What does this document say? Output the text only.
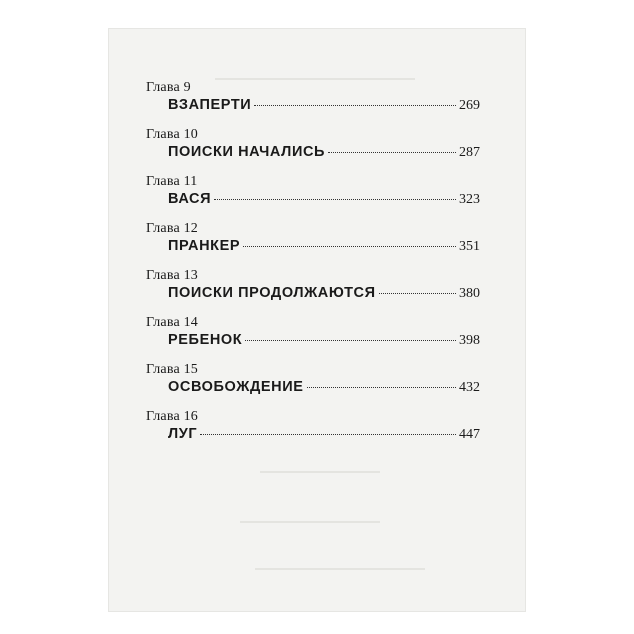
Глава 9
ВЗАПЕРТИ	269
Глава 10
ПОИСКИ НАЧАЛИСЬ	287
Глава 11
ВАСЯ	323
Глава 12
ПРАНКЕР	351
Глава 13
ПОИСКИ ПРОДОЛЖАЮТСЯ	380
Глава 14
РЕБЕНОК	398
Глава 15
ОСВОБОЖДЕНИЕ	432
Глава 16
ЛУГ	447
